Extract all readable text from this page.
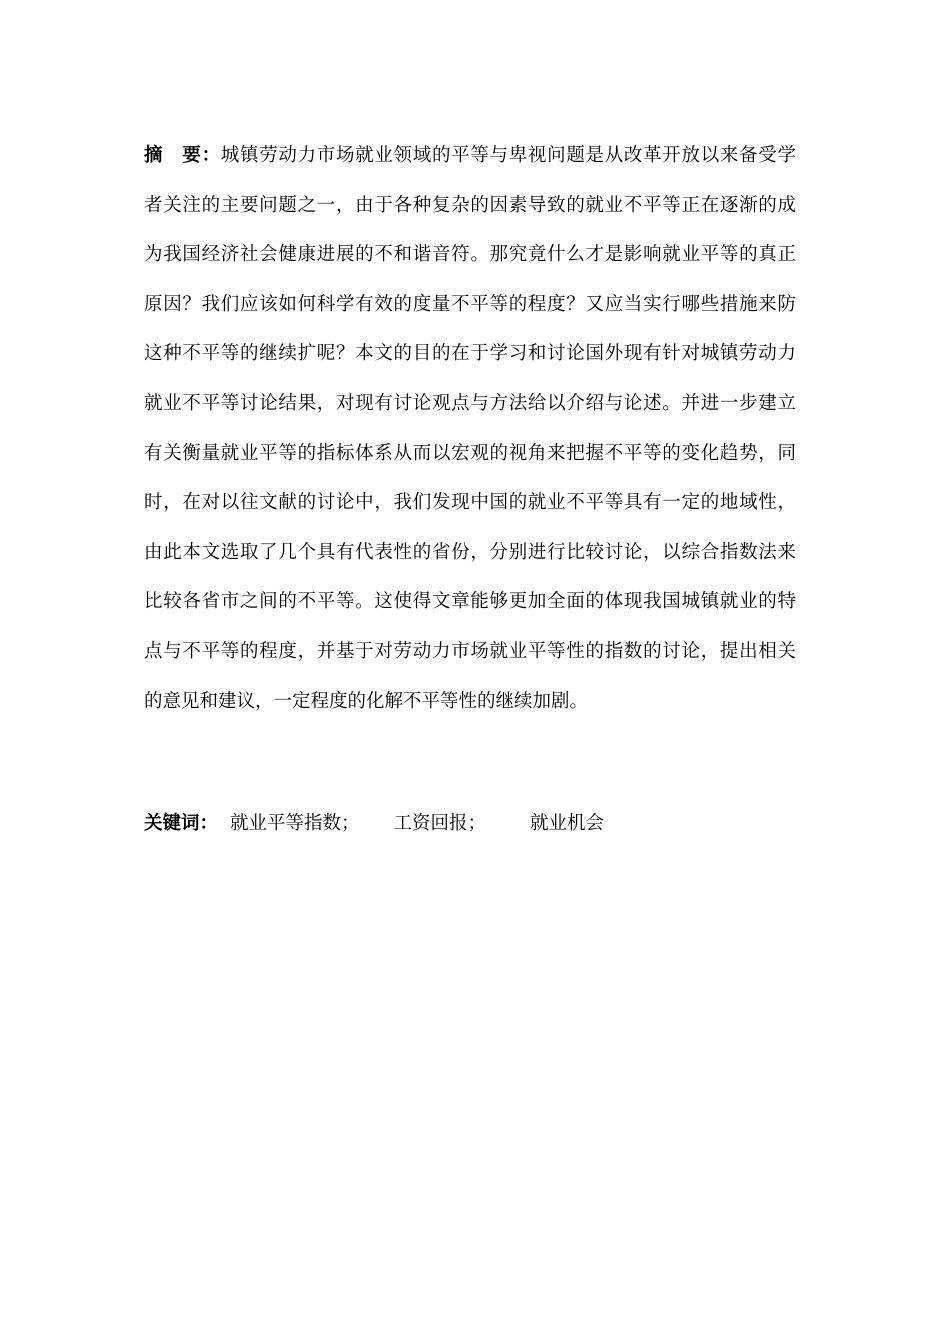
摘　要：城镇劳动力市场就业领域的平等与卑视问题是从改革开放以来备受学
者关注的主要问题之一，由于各种复杂的因素导致的就业不平等正在逐渐的成
为我国经济社会健康进展的不和谐音符。那究竟什么才是影响就业平等的真正
原因？我们应该如何科学有效的度量不平等的程度？又应当实行哪些措施来防
这种不平等的继续扩呢？本文的目的在于学习和讨论国外现有针对城镇劳动力
就业不平等讨论结果，对现有讨论观点与方法给以介绍与论述。并进一步建立
有关衡量就业平等的指标体系从而以宏观的视角来把握不平等的变化趋势，同
时，在对以往文献的讨论中，我们发现中国的就业不平等具有一定的地域性，
由此本文选取了几个具有代表性的省份，分别进行比较讨论，以综合指数法来
比较各省市之间的不平等。这使得文章能够更加全面的体现我国城镇就业的特
点与不平等的程度，并基于对劳动力市场就业平等性的指数的讨论，提出相关
的意见和建议，一定程度的化解不平等性的继续加剧。

关键词： 就业平等指数； 工资回报； 就业机会
